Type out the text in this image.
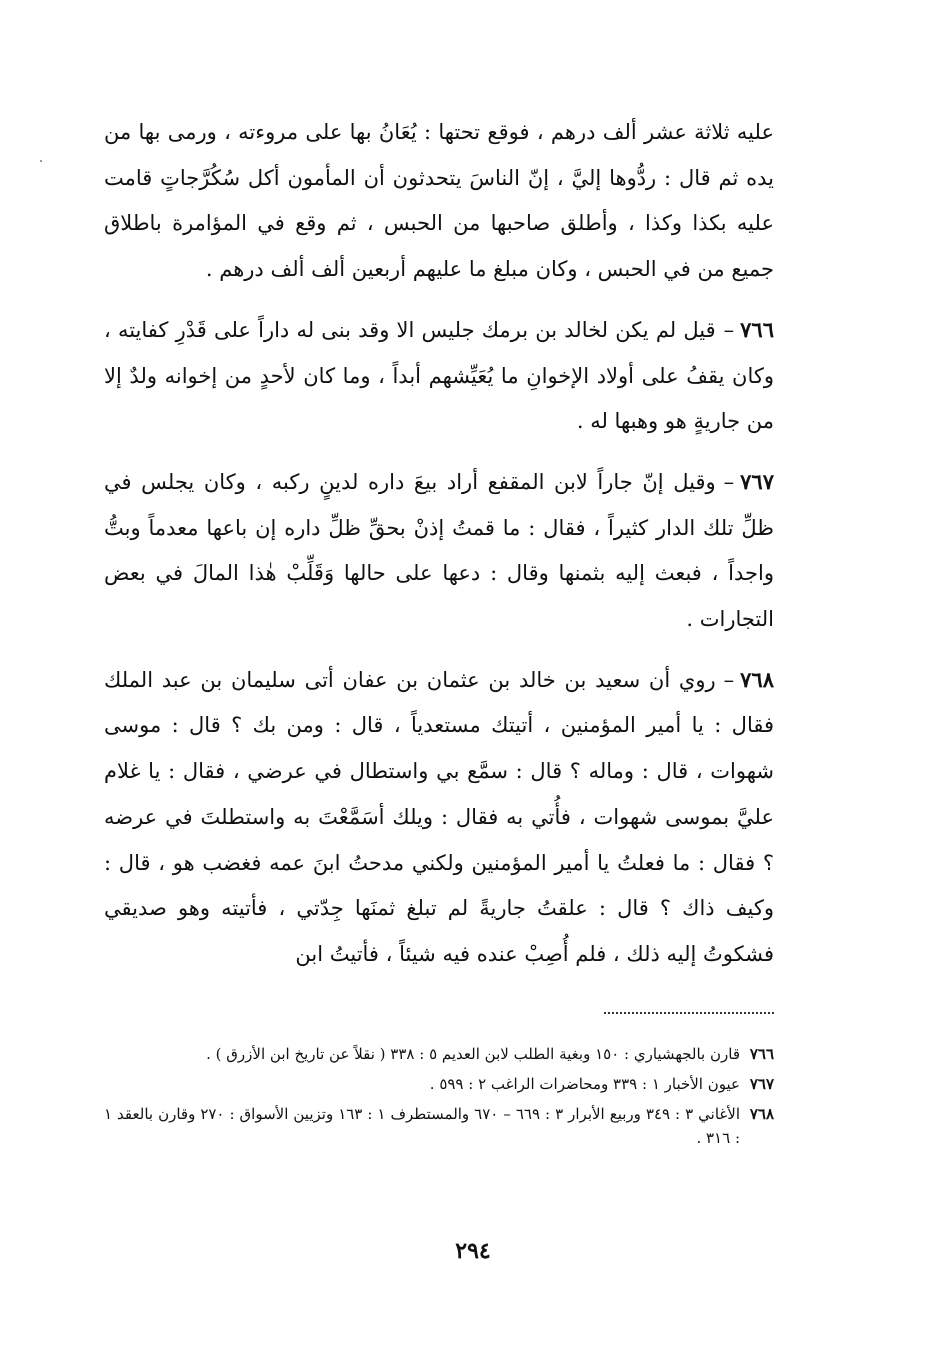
عليه ثلاثة عشر ألف درهم ، فوقع تحتها : يُعَانُ بها على مروءته ، ورمى بها من يده ثم قال : ردُّوها إليَّ ، إنّ الناسَ يتحدثون أن المأمون أكل سُكُرَّجاتٍ قامت عليه بكذا وكذا ، وأطلق صاحبها من الحبس ، ثم وقع في المؤامرة باطلاق جميع من في الحبس ، وكان مبلغ ما عليهم أربعين ألف ألف درهم .

٧٦٦–قيل لم يكن لخالد بن برمك جليس الا وقد بنى له داراً على قَدْرِ كفايته ، وكان يقفُ على أولاد الإخوانِ ما يُعَيِّشهم أبداً ، وما كان لأحدٍ من إخوانه ولدٌ إلا من جاريةٍ هو وهبها له .

٧٦٧–وقيل إنّ جاراً لابن المقفع أراد بيعَ داره لدينٍ ركبه ، وكان يجلس في ظلِّ تلك الدار كثيراً ، فقال : ما قمتُ إذنْ بحقِّ ظلِّ داره إن باعها معدماً وبتُّ واجداً ، فبعث إليه بثمنها وقال : دعها على حالها وَقَلِّبْ هٰذا المالَ في بعض التجارات .

٧٦٨–روي أن سعيد بن خالد بن عثمان بن عفان أتى سليمان بن عبد الملك فقال : يا أمير المؤمنين ، أتيتك مستعدياً ، قال : ومن بك ؟ قال : موسى شهوات ، قال : وماله ؟ قال : سمَّع بي واستطال في عرضي ، فقال : يا غلام عليَّ بموسى شهوات ، فأُتي به فقال : ويلك أسَمَّعْتَ به واستطلتَ في عرضه ؟ فقال : ما فعلتُ يا أمير المؤمنين ولكني مدحتُ ابنَ عمه فغضب هو ، قال : وكيف ذاك ؟ قال : علقتُ جاريةً لم تبلغ ثمنَها جِدّتي ، فأتيته وهو صديقي فشكوتُ إليه ذلك ، فلم أُصِبْ عنده فيه شيئاً ، فأتيتُ ابن

٧٦٦
قارن بالجهشياري : ١٥٠ وبغية الطلب لابن العديم ٥ : ٣٣٨ ( نقلاً عن تاريخ ابن الأزرق ) .
٧٦٧
عيون الأخبار ١ : ٣٣٩ ومحاضرات الراغب ٢ : ٥٩٩ .
٧٦٨
الأغاني ٣ : ٣٤٩ وربيع الأبرار ٣ : ٦٦٩ – ٦٧٠ والمستطرف ١ : ١٦٣ وتزيين الأسواق : ٢٧٠ وقارن بالعقد ١ : ٣١٦ .
٢٩٤
